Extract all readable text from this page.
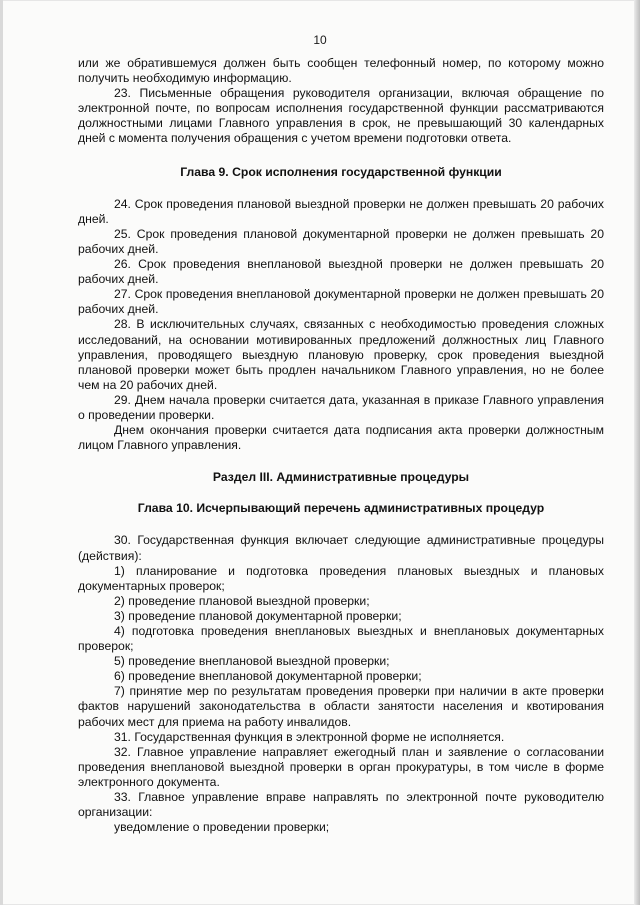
10

или же обратившемуся должен быть сообщен телефонный номер, по которому можно получить необходимую информацию.

23. Письменные обращения руководителя организации, включая обращение по электронной почте, по вопросам исполнения государственной функции рассматриваются должностными лицами Главного управления в срок, не превышающий 30 календарных дней с момента получения обращения с учетом времени подготовки ответа.

Глава 9. Срок исполнения государственной функции

24. Срок проведения плановой выездной проверки не должен превышать 20 рабочих дней.

25. Срок проведения плановой документарной проверки не должен превышать 20 рабочих дней.

26. Срок проведения внеплановой выездной проверки не должен превышать 20 рабочих дней.

27. Срок проведения внеплановой документарной проверки не должен превышать 20 рабочих дней.

28. В исключительных случаях, связанных с необходимостью проведения сложных исследований, на основании мотивированных предложений должностных лиц Главного управления, проводящего выездную плановую проверку, срок проведения выездной плановой проверки может быть продлен начальником Главного управления, но не более чем на 20 рабочих дней.

29. Днем начала проверки считается дата, указанная в приказе Главного управления о проведении проверки.

Днем окончания проверки считается дата подписания акта проверки должностным лицом Главного управления.

Раздел III. Административные процедуры

Глава 10. Исчерпывающий перечень административных процедур

30. Государственная функция включает следующие административные процедуры (действия):

1) планирование и подготовка проведения плановых выездных и плановых документарных проверок;

2) проведение плановой выездной проверки;

3) проведение плановой документарной проверки;

4) подготовка проведения внеплановых выездных и внеплановых документарных проверок;

5) проведение внеплановой выездной проверки;

6) проведение внеплановой документарной проверки;

7) принятие мер по результатам проведения проверки при наличии в акте проверки фактов нарушений законодательства в области занятости населения и квотирования рабочих мест для приема на работу инвалидов.

31. Государственная функция в электронной форме не исполняется.

32. Главное управление направляет ежегодный план и заявление о согласовании проведения внеплановой выездной проверки в орган прокуратуры, в том числе в форме электронного документа.

33. Главное управление вправе направлять по электронной почте руководителю организации:

уведомление о проведении проверки;
